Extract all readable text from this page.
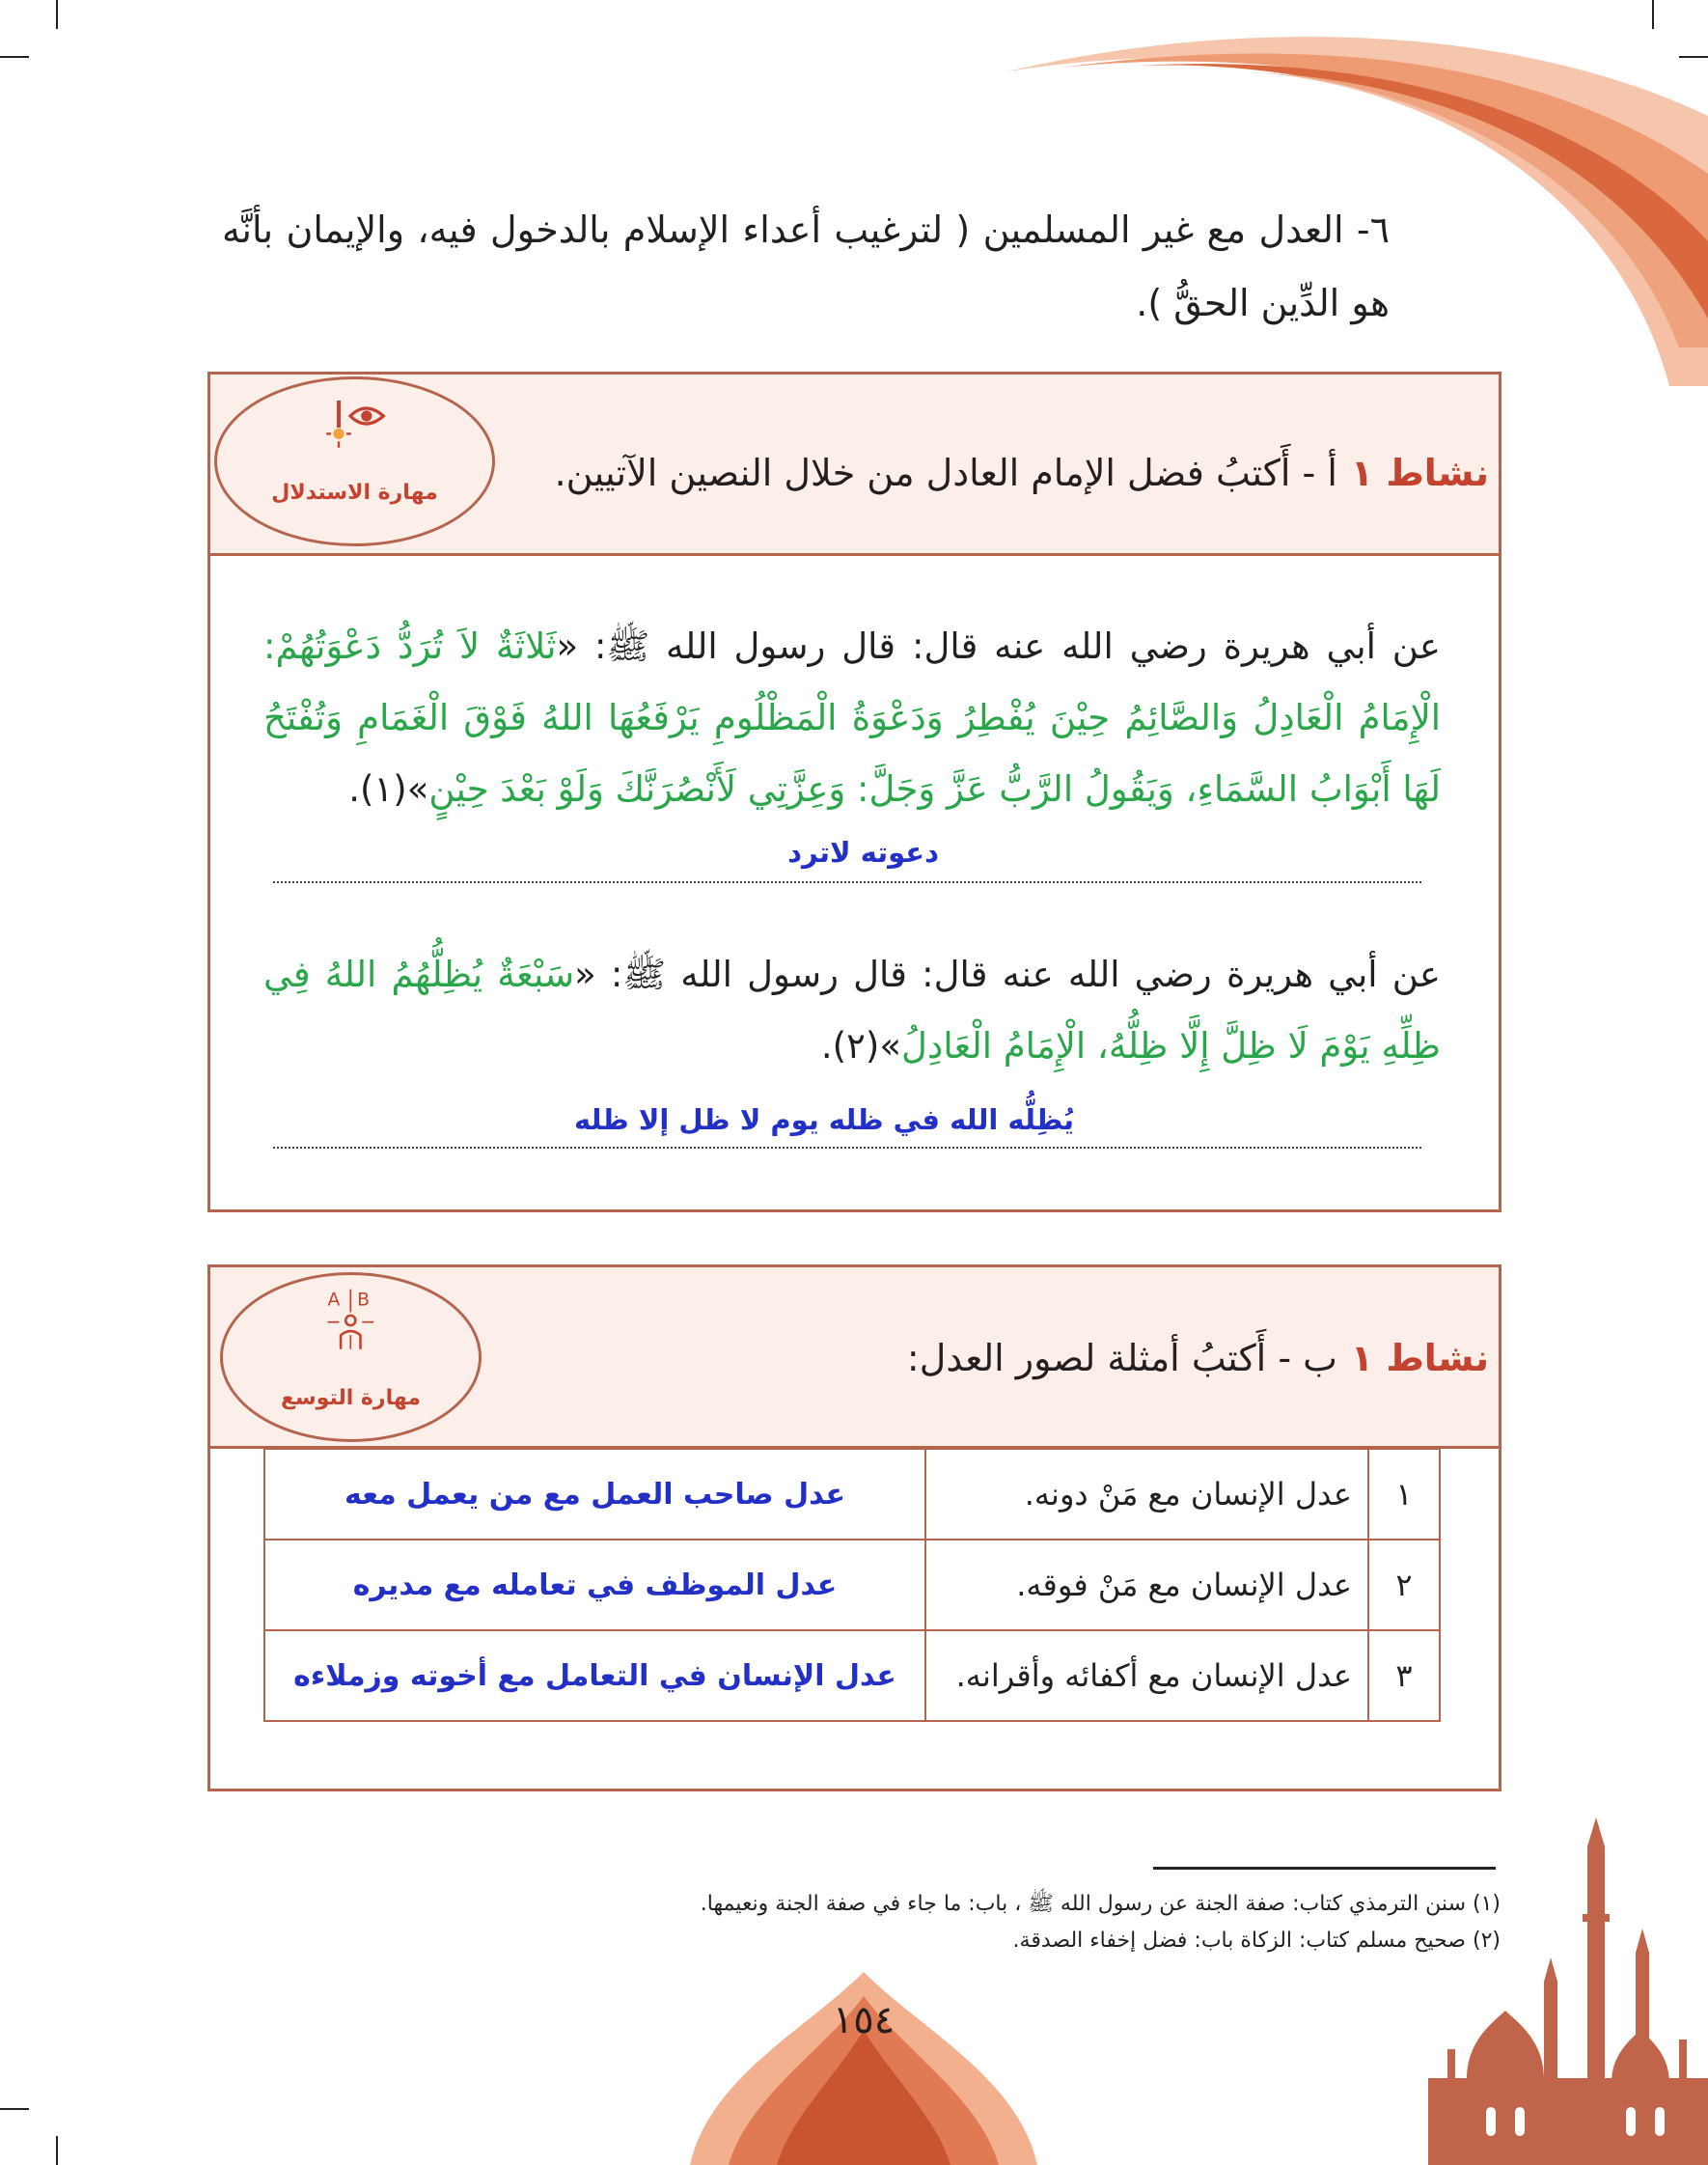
٦- العدل مع غير المسلمين ( لترغيب أعداء الإسلام بالدخول فيه، والإيمان بأنَّه هو الدِّين الحقُّ ).
نشاط ١أ - أَكتبُ فضل الإمام العادل من خلال النصين الآتيين.
مهارة الاستدلال
عن أبي هريرة رضي الله عنه قال: قال رسول الله ﷺ: «ثَلاثَةٌ لاَ تُرَدُّ دَعْوَتُهُمْ: الْإِمَامُ الْعَادِلُ وَالصَّائِمُ حِيْنَ يُفْطِرُ وَدَعْوَةُ الْمَظْلُومِ يَرْفَعُهَا اللهُ فَوْقَ الْغَمَامِ وَتُفْتَحُ لَهَا أَبْوَابُ السَّمَاءِ، وَيَقُولُ الرَّبُّ عَزَّ وَجَلَّ: وَعِزَّتِي لَأَنْصُرَنَّكَ وَلَوْ بَعْدَ حِيْنٍ»(١).
دعوته لاترد
عن أبي هريرة رضي الله عنه قال: قال رسول الله ﷺ: «سَبْعَةٌ يُظِلُّهُمُ اللهُ فِي ظِلِّهِ يَوْمَ لَا ظِلَّ إِلَّا ظِلُّهُ، الْإِمَامُ الْعَادِلُ»(٢).
يُظِلُّه الله في ظله يوم لا ظل إلا ظله
نشاط ١ب - أَكتبُ أمثلة لصور العدل:
A B
مهارة التوسع
١	عدل الإنسان مع مَنْ دونه.	عدل صاحب العمل مع من يعمل معه
٢	عدل الإنسان مع مَنْ فوقه.	عدل الموظف في تعامله مع مديره
٣	عدل الإنسان مع أكفائه وأقرانه.	عدل الإنسان في التعامل مع أخوته وزملاءه
(١) سنن الترمذي كتاب: صفة الجنة عن رسول الله ﷺ ، باب: ما جاء في صفة الجنة ونعيمها.
(٢) صحيح مسلم كتاب: الزكاة باب: فضل إخفاء الصدقة.
١٥٤
